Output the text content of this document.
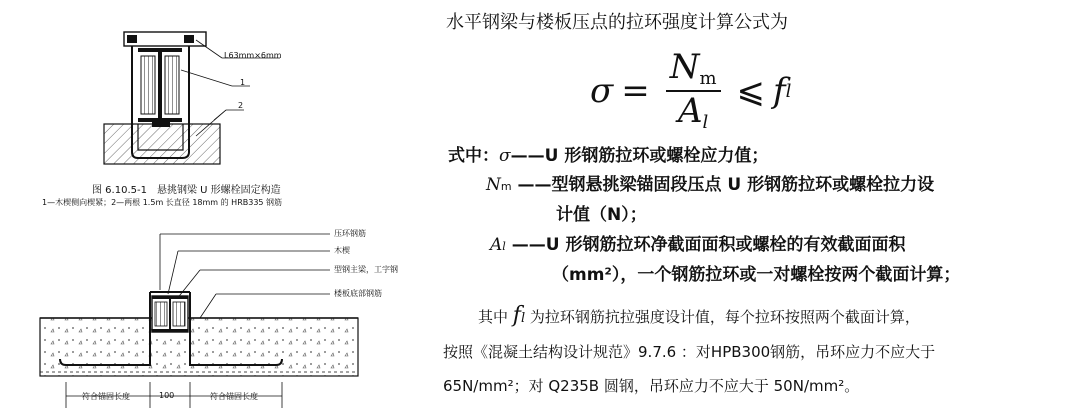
L63mm×6mm
1
2
图 6.10.5-1　悬挑钢梁 U 形螺栓固定构造
1—木楔侧向楔紧；2—两根 1.5m 长直径 18mm 的 HRB335 钢筋
压环钢筋
木楔
型钢主梁，工字钢
楼板底部钢筋
符合锚固长度	100	符合锚固长度
水平钢梁与楼板压点的拉环强度计算公式为
$\sigma = \frac{N_m}{Al}$ ⩽ f l
式中：σ——U 形钢筋拉环或螺栓应力值；
Nm ——型钢悬挑梁锚固段压点 U 形钢筋拉环或螺栓拉力设
计值（N）；
Al ——U 形钢筋拉环净截面面积或螺栓的有效截面面积
（mm²），一个钢筋拉环或一对螺栓按两个截面计算；
其中 fl 为拉环钢筋抗拉强度设计值，每个拉环按照两个截面计算，
按照《混凝土结构设计规范》9.7.6 ：对HPB300钢筋，吊环应力不应大于
65N/mm²；对 Q235B 圆钢，吊环应力不应大于 50N/mm²。
